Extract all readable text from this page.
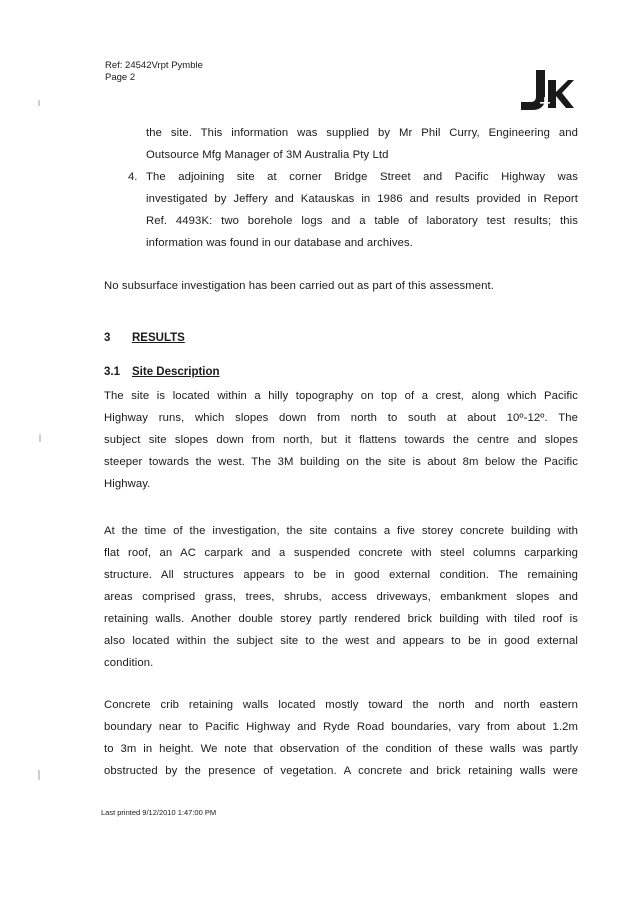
Ref: 24542Vrpt Pymble
Page 2
the site. This information was supplied by Mr Phil Curry, Engineering and
Outsource Mfg Manager of 3M Australia Pty Ltd
4. The adjoining site at corner Bridge Street and Pacific Highway was
investigated by Jeffery and Katauskas in 1986 and results provided in Report
Ref. 4493K: two borehole logs and a table of laboratory test results; this
information was found in our database and archives.
No subsurface investigation has been carried out as part of this assessment.
3 RESULTS
3.1 Site Description
The site is located within a hilly topography on top of a crest, along which Pacific
Highway runs, which slopes down from north to south at about 10º-12º. The
subject site slopes down from north, but it flattens towards the centre and slopes
steeper towards the west. The 3M building on the site is about 8m below the Pacific
Highway.
At the time of the investigation, the site contains a five storey concrete building with
flat roof, an AC carpark and a suspended concrete with steel columns carparking
structure. All structures appears to be in good external condition. The remaining
areas comprised grass, trees, shrubs, access driveways, embankment slopes and
retaining walls. Another double storey partly rendered brick building with tiled roof is
also located within the subject site to the west and appears to be in good external
condition.
Concrete crib retaining walls located mostly toward the north and north eastern
boundary near to Pacific Highway and Ryde Road boundaries, vary from about 1.2m
to 3m in height. We note that observation of the condition of these walls was partly
obstructed by the presence of vegetation. A concrete and brick retaining walls were
Last printed 9/12/2010 1:47:00 PM
